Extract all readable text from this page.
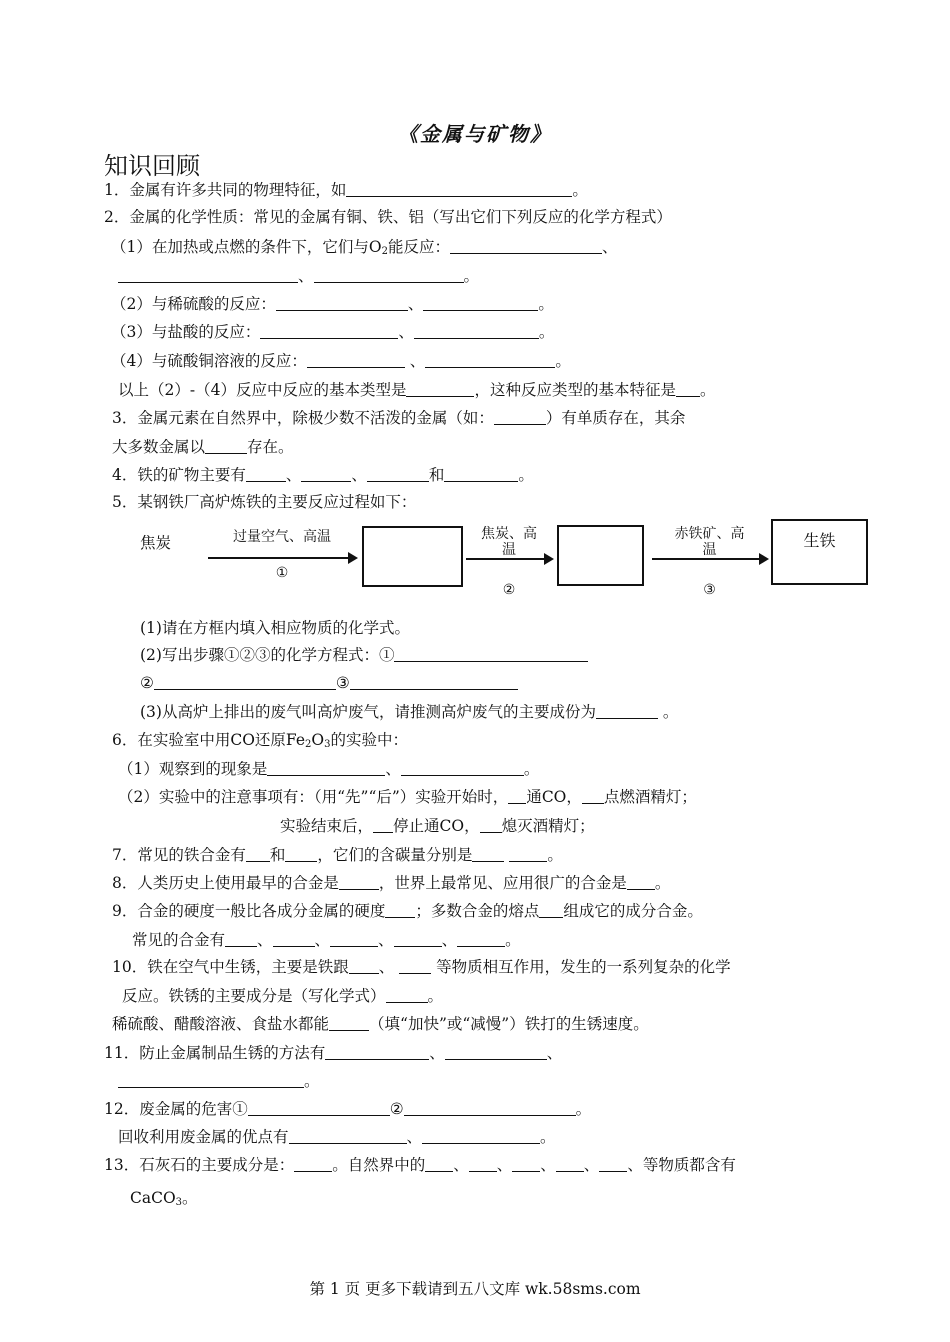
《金属与矿物》
知识回顾
1．金属有许多共同的物理特征，如	。
2．金属的化学性质：常见的金属有铜、铁、铝（写出它们下列反应的化学方程式）
（1）在加热或点燃的条件下，它们与$O_2$能反应：	、
、	。
（2）与稀硫酸的反应：	、	。
（3）与盐酸的反应：	、	。
（4）与硫酸铜溶液的反应：	、	。
以上（2）-（4）反应中反应的基本类型是	，这种反应类型的基本特征是 。
3．金属元素在自然界中，除极少数不活泼的金属（如：	）有单质存在，其余
大多数金属以	存在。
4．铁的矿物主要有	、	、	和	。
5．某钢铁厂高炉炼铁的主要反应过程如下：
焦炭	过量空气、高温
①
焦炭、高
温
②
赤铁矿、高
温
③
生铁
(1)请在方框内填入相应物质的化学式。
(2)写出步骤①②③的化学方程式：①
②	③
(3)从高炉上排出的废气叫高炉废气，请推测高炉废气的主要成份为	。
6．在实验室中用CO还原$Fe_2O_3$的实验中：
（1）观察到的现象是	、	。
（2）实验中的注意事项有：（用“先”“后”）实验开始时， 通CO， 点燃酒精灯；
实验结束后， 停止通CO， 熄灭酒精灯；
7．常见的铁合金有 和 ，它们的含碳量分别是	。
8．人类历史上使用最早的合金是	，世界上最常见、应用很广的合金是 。
9．合金的硬度一般比各成分金属的硬度 ；多数合金的熔点 组成它的成分合金。
常见的合金有 、	、	、	、	。
10．铁在空气中生锈，主要是铁跟 、  等物质相互作用，发生的一系列复杂的化学
反应。铁锈的主要成分是（写化学式）	。
稀硫酸、醋酸溶液、食盐水都能	（填“加快”或“减慢”）铁打的生锈速度。
11．防止金属制品生锈的方法有	、	、
。
12．废金属的危害①	②	。
回收利用废金属的优点有	、	。
13．石灰石的主要成分是： 。自然界中的 、 、 、 、 、等物质都含有
CaCO$_3$。
第 1 页 更多下载请到五八文库 wk.58sms.com
